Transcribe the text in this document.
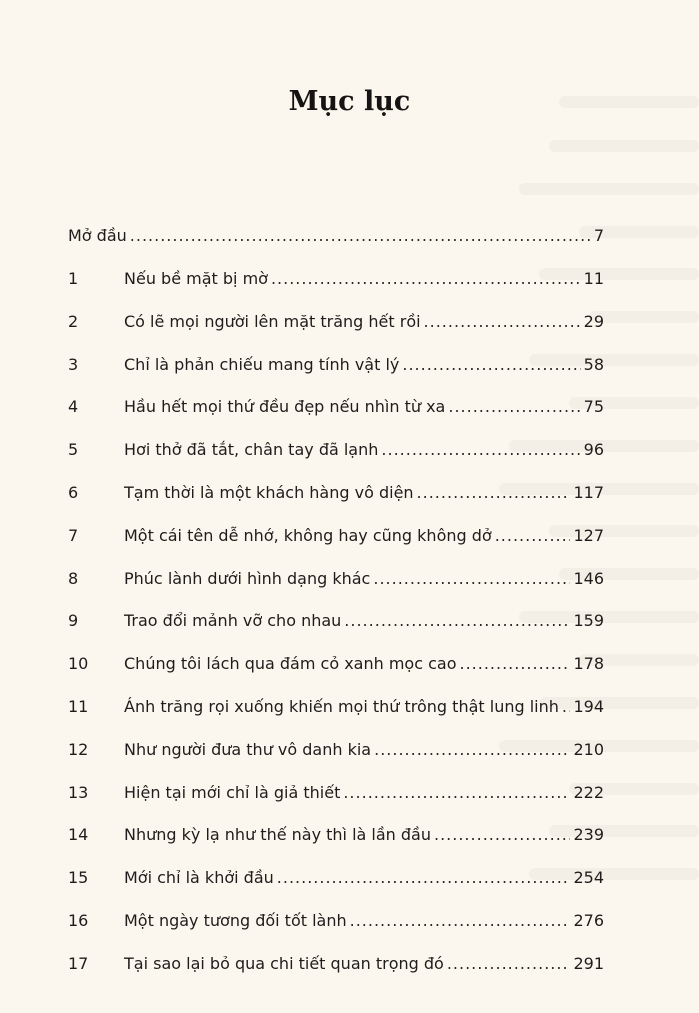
Mục lục
Mở đầu .....	7
1	Nếu bề mặt bị mờ .....	11
2	Có lẽ mọi người lên mặt trăng hết rồi .....	29
3	Chỉ là phản chiếu mang tính vật lý .....	58
4	Hầu hết mọi thứ đều đẹp nếu nhìn từ xa .....	75
5	Hơi thở đã tắt, chân tay đã lạnh .....	96
6	Tạm thời là một khách hàng vô diện .....	117
7	Một cái tên dễ nhớ, không hay cũng không dở .....	127
8	Phúc lành dưới hình dạng khác .....	146
9	Trao đổi mảnh vỡ cho nhau .....	159
10	Chúng tôi lách qua đám cỏ xanh mọc cao .....	178
11	Ánh trăng rọi xuống khiến mọi thứ trông thật lung linh ..... 194
12	Như người đưa thư vô danh kia .....	210
13	Hiện tại mới chỉ là giả thiết .....	222
14	Nhưng kỳ lạ như thế này thì là lần đầu .....	239
15	Mới chỉ là khởi đầu .....	254
16	Một ngày tương đối tốt lành .....	276
17	Tại sao lại bỏ qua chi tiết quan trọng đó .....	291
